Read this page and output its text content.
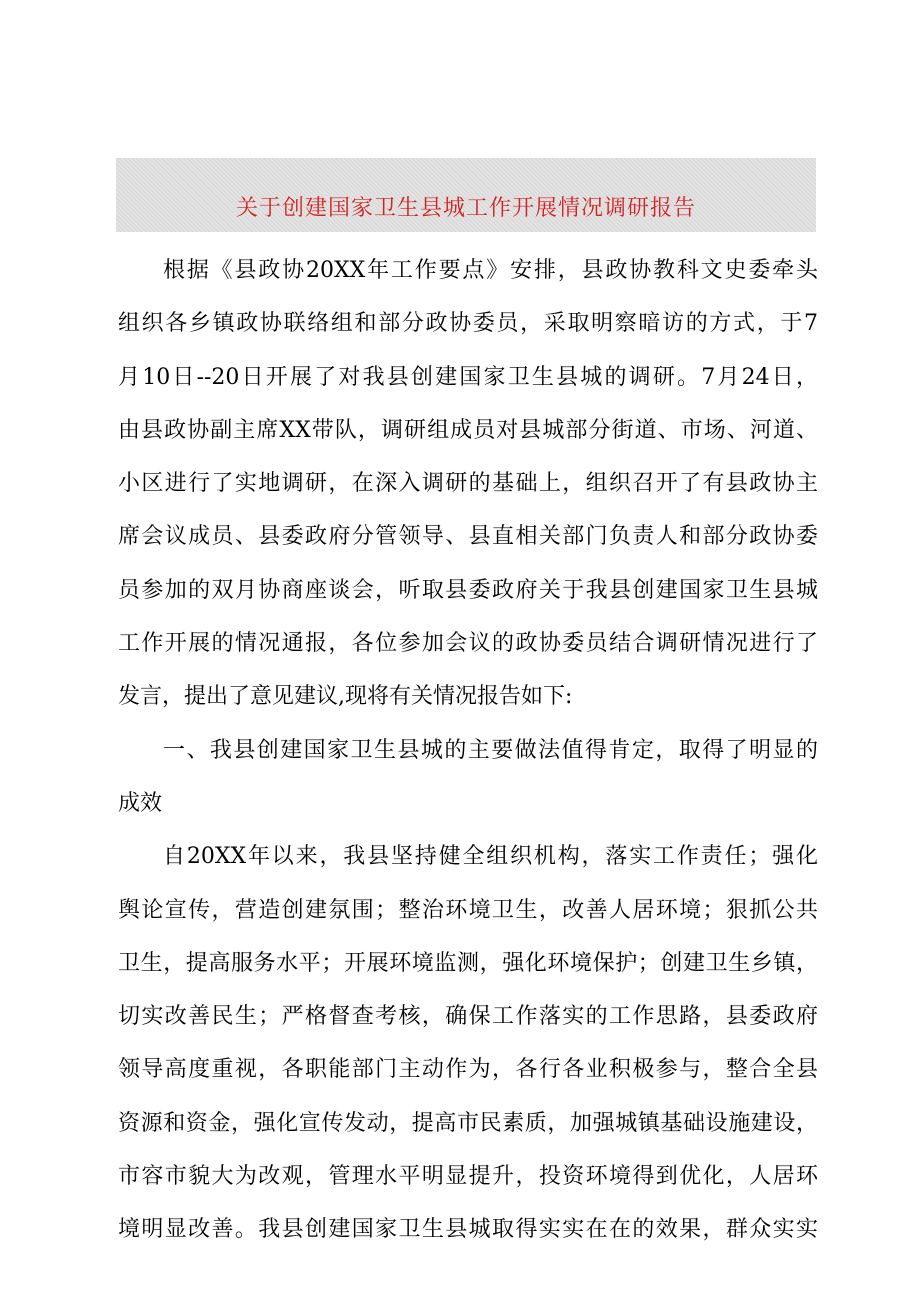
关于创建国家卫生县城工作开展情况调研报告
根据《县政协20XX年工作要点》安排，县政协教科文史委牵头
组织各乡镇政协联络组和部分政协委员，采取明察暗访的方式，于7
月10日--20日开展了对我县创建国家卫生县城的调研。7月24日，
由县政协副主席XX带队，调研组成员对县城部分街道、市场、河道、
小区进行了实地调研，在深入调研的基础上，组织召开了有县政协主
席会议成员、县委政府分管领导、县直相关部门负责人和部分政协委
员参加的双月协商座谈会，听取县委政府关于我县创建国家卫生县城
工作开展的情况通报，各位参加会议的政协委员结合调研情况进行了
发言，提出了意见建议,现将有关情况报告如下:
一、我县创建国家卫生县城的主要做法值得肯定，取得了明显的
成效
自20XX年以来，我县坚持健全组织机构，落实工作责任；强化
舆论宣传，营造创建氛围；整治环境卫生，改善人居环境；狠抓公共
卫生，提高服务水平；开展环境监测，强化环境保护；创建卫生乡镇，
切实改善民生；严格督查考核，确保工作落实的工作思路，县委政府
领导高度重视，各职能部门主动作为，各行各业积极参与，整合全县
资源和资金，强化宣传发动，提高市民素质，加强城镇基础设施建设，
市容市貌大为改观，管理水平明显提升，投资环境得到优化，人居环
境明显改善。我县创建国家卫生县城取得实实在在的效果，群众实实
